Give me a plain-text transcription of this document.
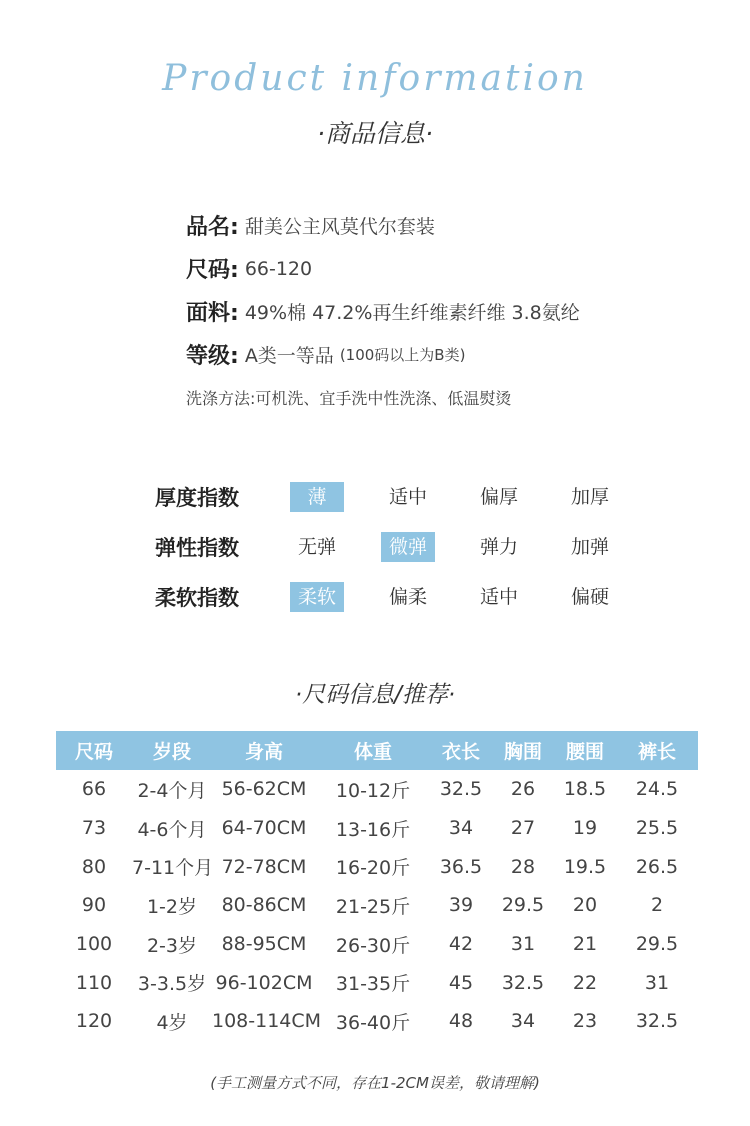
Product information
·商品信息·
品名: 甜美公主风莫代尔套装
尺码: 66-120
面料: 49%棉 47.2%再生纤维素纤维 3.8氨纶
等级: A类一等品 (100码以上为B类)
洗涤方法:可机洗、宜手洗中性洗涤、低温熨烫
厚度指数	薄	适中	偏厚	加厚
弹性指数	无弹	微弹	弹力	加弹
柔软指数	柔软	偏柔	适中	偏硬
·尺码信息/推荐·
尺码	岁段	身高	体重	衣长	胸围	腰围	裤长
66	2-4个月	56-62CM	10-12斤	32.5	26	18.5	24.5
73	4-6个月	64-70CM	13-16斤	34	27	19	25.5
80	7-11个月	72-78CM	16-20斤	36.5	28	19.5	26.5
90	1-2岁	80-86CM	21-25斤	39	29.5	20	2
100	2-3岁	88-95CM	26-30斤	42	31	21	29.5
110	3-3.5岁	96-102CM	31-35斤	45	32.5	22	31
120	4岁	108-114CM	36-40斤	48	34	23	32.5
(手工测量方式不同，存在1-2CM误差，敬请理解)
